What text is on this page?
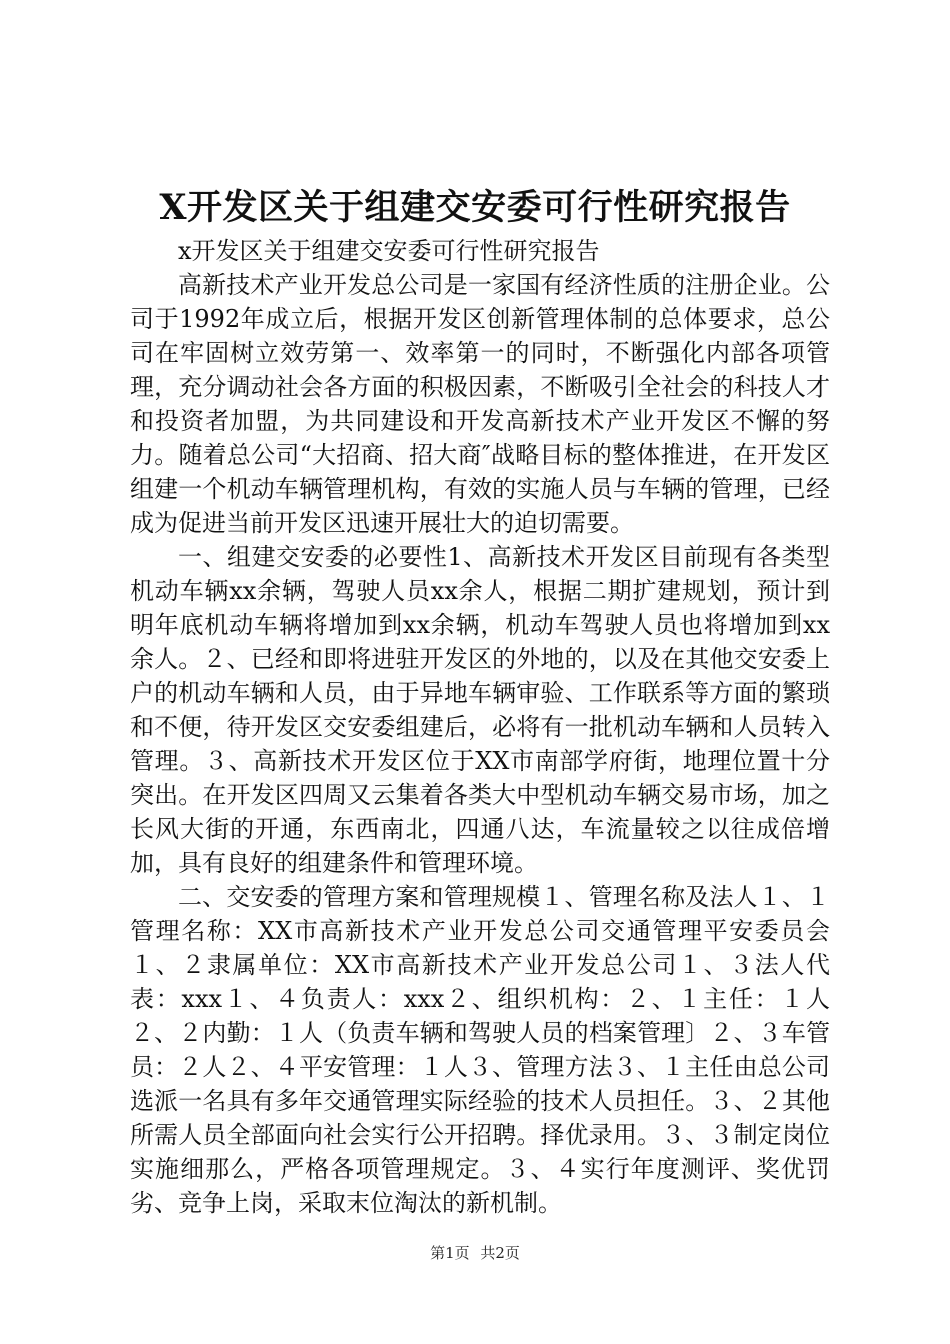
X开发区关于组建交安委可行性研究报告

x开发区关于组建交安委可行性研究报告

高新技术产业开发总公司是一家国有经济性质的注册企业。公司于1992年成立后，根据开发区创新管理体制的总体要求，总公司在牢固树立效劳第一、效率第一的同时，不断强化内部各项管理，充分调动社会各方面的积极因素，不断吸引全社会的科技人才和投资者加盟，为共同建设和开发高新技术产业开发区不懈的努力。随着总公司“大招商、招大商″战略目标的整体推进，在开发区组建一个机动车辆管理机构，有效的实施人员与车辆的管理，已经成为促进当前开发区迅速开展壮大的迫切需要。

一、组建交安委的必要性1、高新技术开发区目前现有各类型机动车辆xx余辆，驾驶人员xx余人，根据二期扩建规划，预计到明年底机动车辆将增加到xx余辆，机动车驾驶人员也将增加到xx余人。２、已经和即将进驻开发区的外地的，以及在其他交安委上户的机动车辆和人员，由于异地车辆审验、工作联系等方面的繁琐和不便，待开发区交安委组建后，必将有一批机动车辆和人员转入管理。３、高新技术开发区位于XX市南部学府街，地理位置十分突出。在开发区四周又云集着各类大中型机动车辆交易市场，加之长风大街的开通，东西南北，四通八达，车流量较之以往成倍增加，具有良好的组建条件和管理环境。

二、交安委的管理方案和管理规模１、管理名称及法人１、１管理名称：XX市高新技术产业开发总公司交通管理平安委员会１、２隶属单位：XX市高新技术产业开发总公司１、３法人代表：xxx１、４负责人：xxx２、组织机构：２、１主任：１人２、２内勤：１人（负责车辆和驾驶人员的档案管理〕２、３车管员：２人２、４平安管理：１人３、管理方法３、１主任由总公司选派一名具有多年交通管理实际经验的技术人员担任。３、２其他所需人员全部面向社会实行公开招聘。择优录用。３、３制定岗位实施细那么，严格各项管理规定。３、４实行年度测评、奖优罚劣、竞争上岗，采取末位淘汰的新机制。

第1页 共2页
